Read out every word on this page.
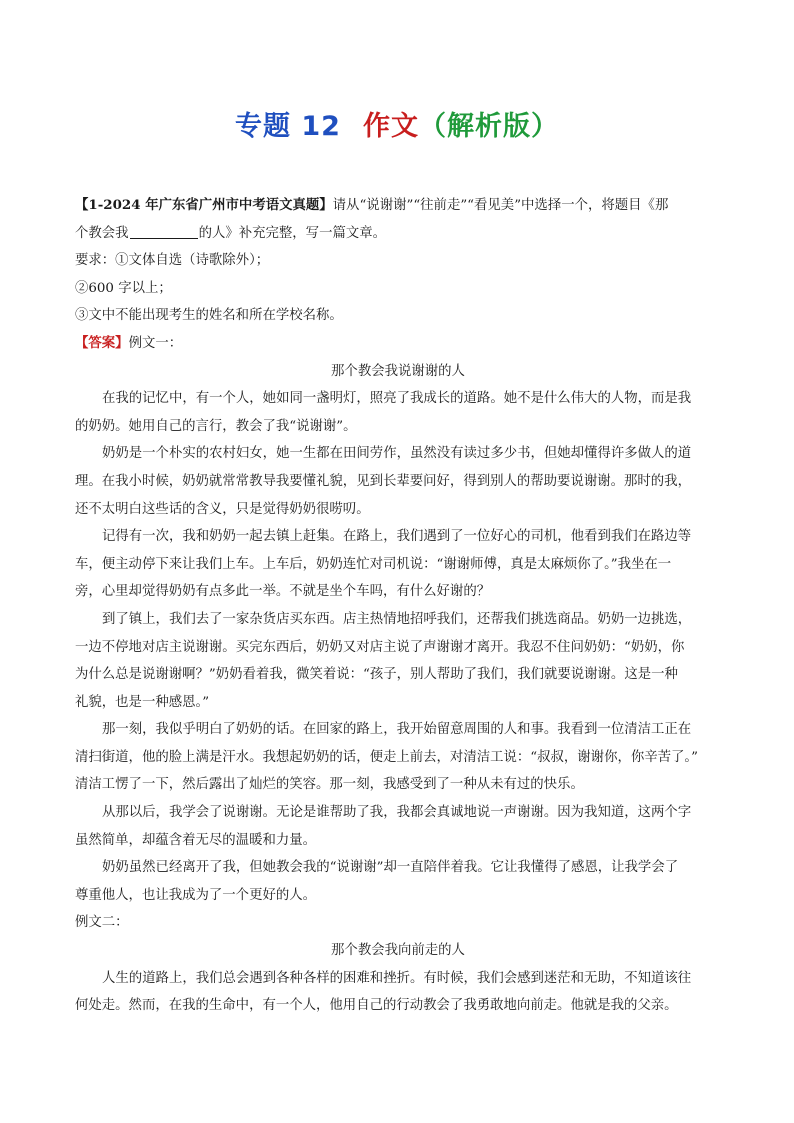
专题 12 作文（解析版）
【1-2024 年广东省广州市中考语文真题】请从“说谢谢”“往前走”“看见美”中选择一个，将题目《那
个教会我	的人》补充完整，写一篇文章。
要求：①文体自选（诗歌除外）；
②600 字以上；
③文中不能出现考生的姓名和所在学校名称。
【答案】例文一：
那个教会我说谢谢的人
在我的记忆中，有一个人，她如同一盏明灯，照亮了我成长的道路。她不是什么伟大的人物，而是我
的奶奶。她用自己的言行，教会了我“说谢谢”。
奶奶是一个朴实的农村妇女，她一生都在田间劳作，虽然没有读过多少书，但她却懂得许多做人的道
理。在我小时候，奶奶就常常教导我要懂礼貌，见到长辈要问好，得到别人的帮助要说谢谢。那时的我，
还不太明白这些话的含义，只是觉得奶奶很唠叨。
记得有一次，我和奶奶一起去镇上赶集。在路上，我们遇到了一位好心的司机，他看到我们在路边等
车，便主动停下来让我们上车。上车后，奶奶连忙对司机说：“谢谢师傅，真是太麻烦你了。”我坐在一
旁，心里却觉得奶奶有点多此一举。不就是坐个车吗，有什么好谢的？
到了镇上，我们去了一家杂货店买东西。店主热情地招呼我们，还帮我们挑选商品。奶奶一边挑选，
一边不停地对店主说谢谢。买完东西后，奶奶又对店主说了声谢谢才离开。我忍不住问奶奶：“奶奶，你
为什么总是说谢谢啊？”奶奶看着我，微笑着说：“孩子，别人帮助了我们，我们就要说谢谢。这是一种
礼貌，也是一种感恩。”
那一刻，我似乎明白了奶奶的话。在回家的路上，我开始留意周围的人和事。我看到一位清洁工正在
清扫街道，他的脸上满是汗水。我想起奶奶的话，便走上前去，对清洁工说：“叔叔，谢谢你，你辛苦了。”
清洁工愣了一下，然后露出了灿烂的笑容。那一刻，我感受到了一种从未有过的快乐。
从那以后，我学会了说谢谢。无论是谁帮助了我，我都会真诚地说一声谢谢。因为我知道，这两个字
虽然简单，却蕴含着无尽的温暖和力量。
奶奶虽然已经离开了我，但她教会我的“说谢谢”却一直陪伴着我。它让我懂得了感恩，让我学会了
尊重他人，也让我成为了一个更好的人。
例文二：
那个教会我向前走的人
人生的道路上，我们总会遇到各种各样的困难和挫折。有时候，我们会感到迷茫和无助，不知道该往
何处走。然而，在我的生命中，有一个人，他用自己的行动教会了我勇敢地向前走。他就是我的父亲。
